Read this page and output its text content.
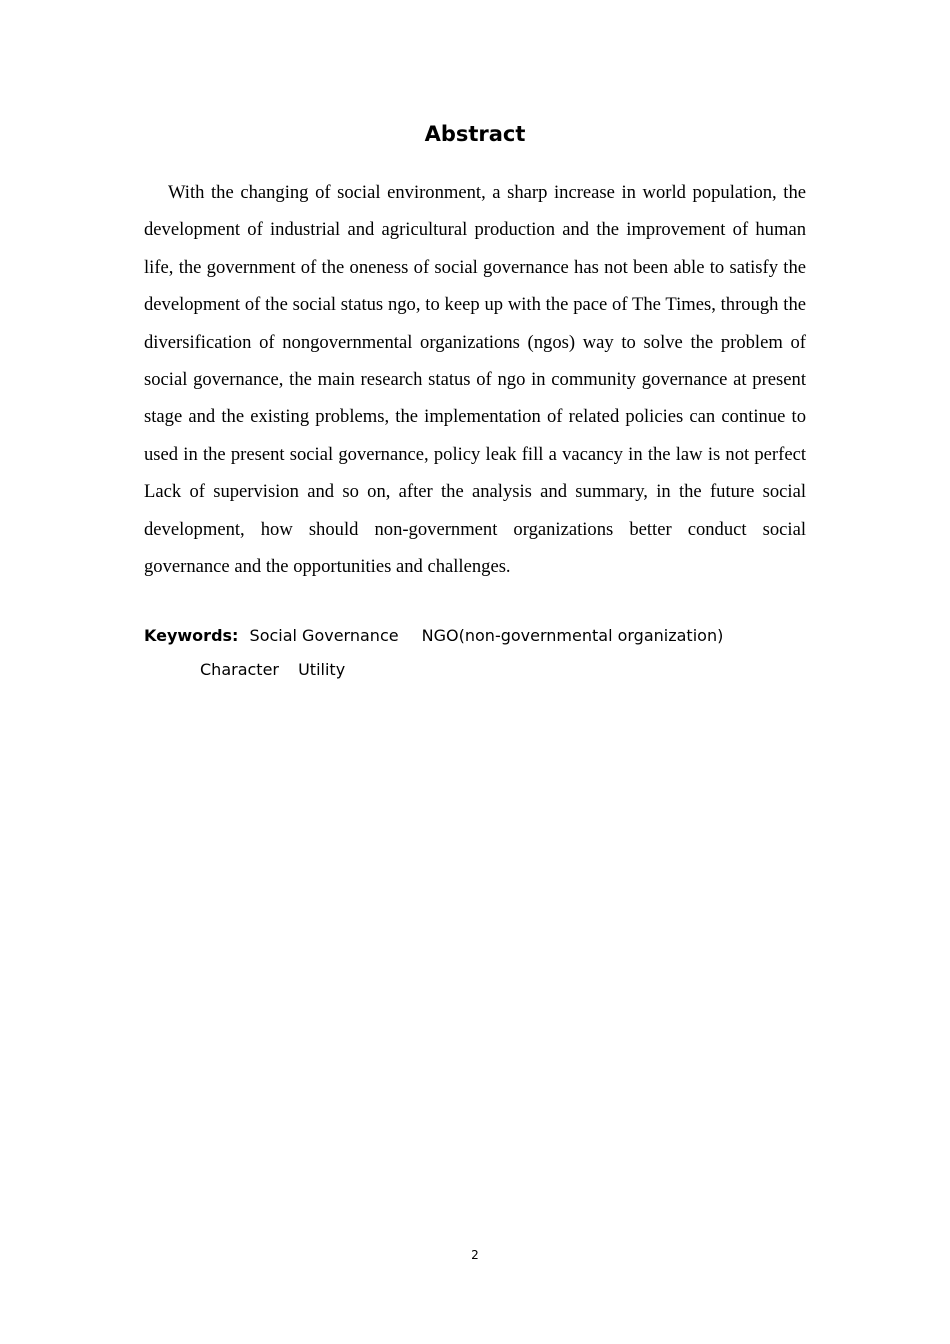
Abstract

With the changing of social environment, a sharp increase in world population, the development of industrial and agricultural production and the improvement of human life, the government of the oneness of social governance has not been able to satisfy the development of the social status ngo, to keep up with the pace of The Times, through the diversification of nongovernmental organizations (ngos) way to solve the problem of social governance, the main research status of ngo in community governance at present stage and the existing problems, the implementation of related policies can continue to used in the present social governance, policy leak fill a vacancy in the law is not perfect Lack of supervision and so on, after the analysis and summary, in the future social development, how should non-government organizations better conduct social governance and the opportunities and challenges.

Keywords: Social Governance NGO(non-governmental organization)
Character Utility
2
